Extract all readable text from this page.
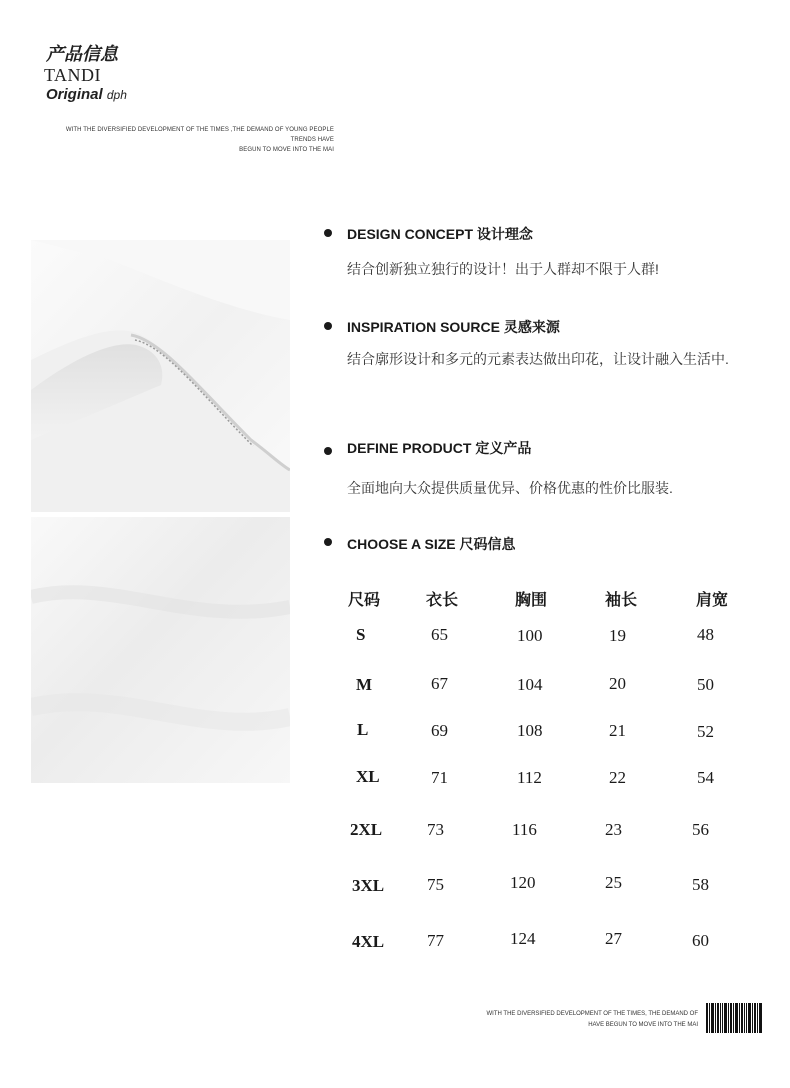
产品信息
TANDI
Original dph
WITH THE DIVERSIFIED DEVELOPMENT OF THE TIMES ,THE DEMAND OF YOUNG PEOPLE TRENDS HAVE
BEGUN TO MOVE INTO THE MAI
DESIGN CONCEPT 设计理念
结合创新独立独行的设计！出于人群却不限于人群!
INSPIRATION SOURCE 灵感来源
结合廓形设计和多元的元素表达做出印花，让设计融入生活中.
DEFINE PRODUCT 定义产品
全面地向大众提供质量优异、价格优惠的性价比服装.
CHOOSE A SIZE 尺码信息
尺码	衣长	胸围	袖长	肩宽
S	65	100	19	48
M	67	104	20	50
L	69	108	21	52
XL	71	112	22	54
2XL	73	116	23	56
3XL	75	120	25	58
4XL	77	124	27	60
WITH THE DIVERSIFIED DEVELOPMENT OF THE TIMES, THE DEMAND OF
HAVE BEGUN TO MOVE INTO THE MAI
